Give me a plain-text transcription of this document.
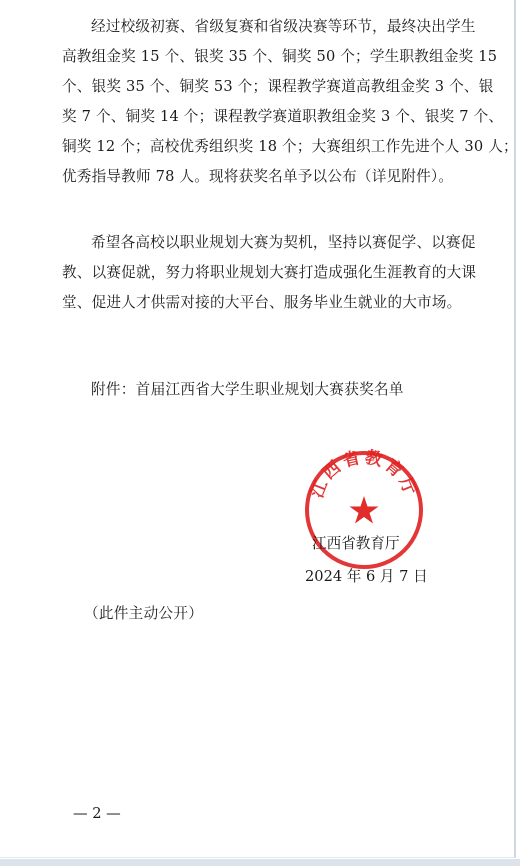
经过校级初赛、省级复赛和省级决赛等环节，最终决出学生
高教组金奖 15 个、银奖 35 个、铜奖 50 个；学生职教组金奖 15
个、银奖 35 个、铜奖 53 个；课程教学赛道高教组金奖 3 个、银
奖 7 个、铜奖 14 个；课程教学赛道职教组金奖 3 个、银奖 7 个、
铜奖 12 个；高校优秀组织奖 18 个；大赛组织工作先进个人 30 人；
优秀指导教师 78 人。现将获奖名单予以公布（详见附件）。

希望各高校以职业规划大赛为契机，坚持以赛促学、以赛促
教、以赛促就，努力将职业规划大赛打造成强化生涯教育的大课
堂、促进人才供需对接的大平台、服务毕业生就业的大市场。

附件：首届江西省大学生职业规划大赛获奖名单
江西省教育厅
江西省教育厅
2024 年 6 月 7 日
（此件主动公开）
— 2 —
